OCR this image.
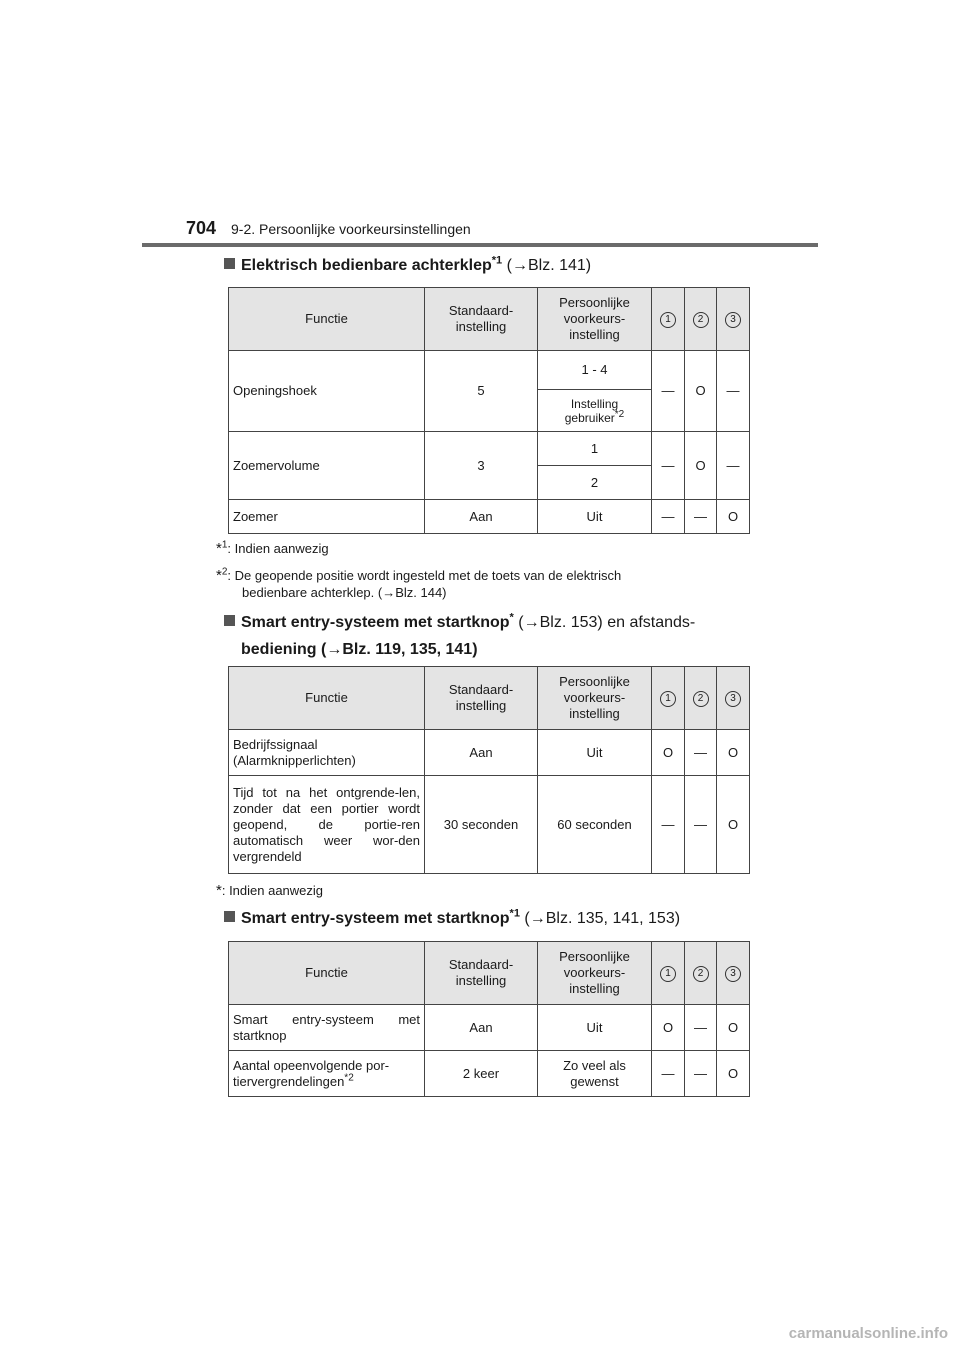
704 9-2. Persoonlijke voorkeursinstellingen
Elektrisch bedienbare achterklep$^{*1}$ (→Blz. 141)
Functie	Standaard-instelling	Persoonlijke voorkeurs-instelling	1	2	3
Openingshoek	5	1 - 4	—	O	—
		Instelling gebruiker$^{*2}$
Zoemervolume	3	1	—	O	—
		2			
Zoemer	Aan	Uit	—	—	O
*$^1$: Indien aanwezig
*$^2$: De geopende positie wordt ingesteld met de toets van de elektrisch
bedienbare achterklep. (→Blz. 144)
Smart entry-systeem met startknop* (→Blz. 153) en afstands-
bediening (→Blz. 119, 135, 141)
Functie	Standaard-instelling	Persoonlijke voorkeurs-instelling	1	2	3
Bedrijfssignaal (Alarmknipperlichten)	Aan	Uit	O	—	O
Tijd tot na het ontgrende-len, zonder dat een portier wordt geopend, de portie-ren automatisch weer wor-den vergrendeld	30 seconden	60 seconden	—	—	O
*: Indien aanwezig
Smart entry-systeem met startknop$^{*1}$ (→Blz. 135, 141, 153)
Functie	Standaard-instelling	Persoonlijke voorkeurs-instelling	1	2	3
Smart entry-systeem met startknop	Aan	Uit	O	—	O
Aantal opeenvolgende por-tiervergrendelingen$^{*2}$	2 keer	Zo veel als gewenst	—	—	O
carmanualsonline.info
